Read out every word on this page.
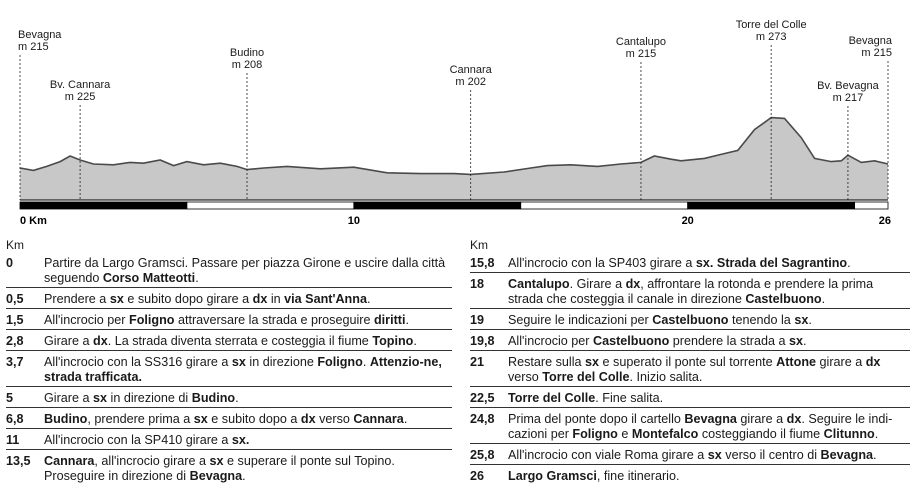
Bevagna
m 215
Bv. Cannara
m 225
Budino
m 208	Cannara
m 202
Cantalupo
m 215
Torre del Colle
m 273
Bv. Bevagna
m 217
Bevagna
m 215
0 Km	10	20	26
Km
0	Partire da Largo Gramsci. Passare per piazza Girone e uscire dalla città seguendo Corso Matteotti.
0,5	Prendere a sx e subito dopo girare a dx in via Sant'Anna.
1,5	All'incrocio per Foligno attraversare la strada e proseguire diritti.
2,8	Girare a dx. La strada diventa sterrata e costeggia il fiume Topino.
3,7	All'incrocio con la SS316 girare a sx in direzione Foligno. Attenzio-ne, strada trafficata.
5	Girare a sx in direzione di Budino.
6,8	Budino, prendere prima a sx e subito dopo a dx verso Cannara.
11	All'incrocio con la SP410 girare a sx.
13,5	Cannara, all'incrocio girare a sx e superare il ponte sul Topino. Proseguire in direzione di Bevagna.
Km
15,8	All'incrocio con la SP403 girare a sx. Strada del Sagrantino.
18	Cantalupo. Girare a dx, affrontare la rotonda e prendere la prima strada che costeggia il canale in direzione Castelbuono.
19	Seguire le indicazioni per Castelbuono tenendo la sx.
19,8	All'incrocio per Castelbuono prendere la strada a sx.
21	Restare sulla sx e superato il ponte sul torrente Attone girare a dx verso Torre del Colle. Inizio salita.
22,5	Torre del Colle. Fine salita.
24,8	Prima del ponte dopo il cartello Bevagna girare a dx. Seguire le indi-cazioni per Foligno e Montefalco costeggiando il fiume Clitunno.
25,8	All'incrocio con viale Roma girare a sx verso il centro di Bevagna.
26	Largo Gramsci, fine itinerario.
